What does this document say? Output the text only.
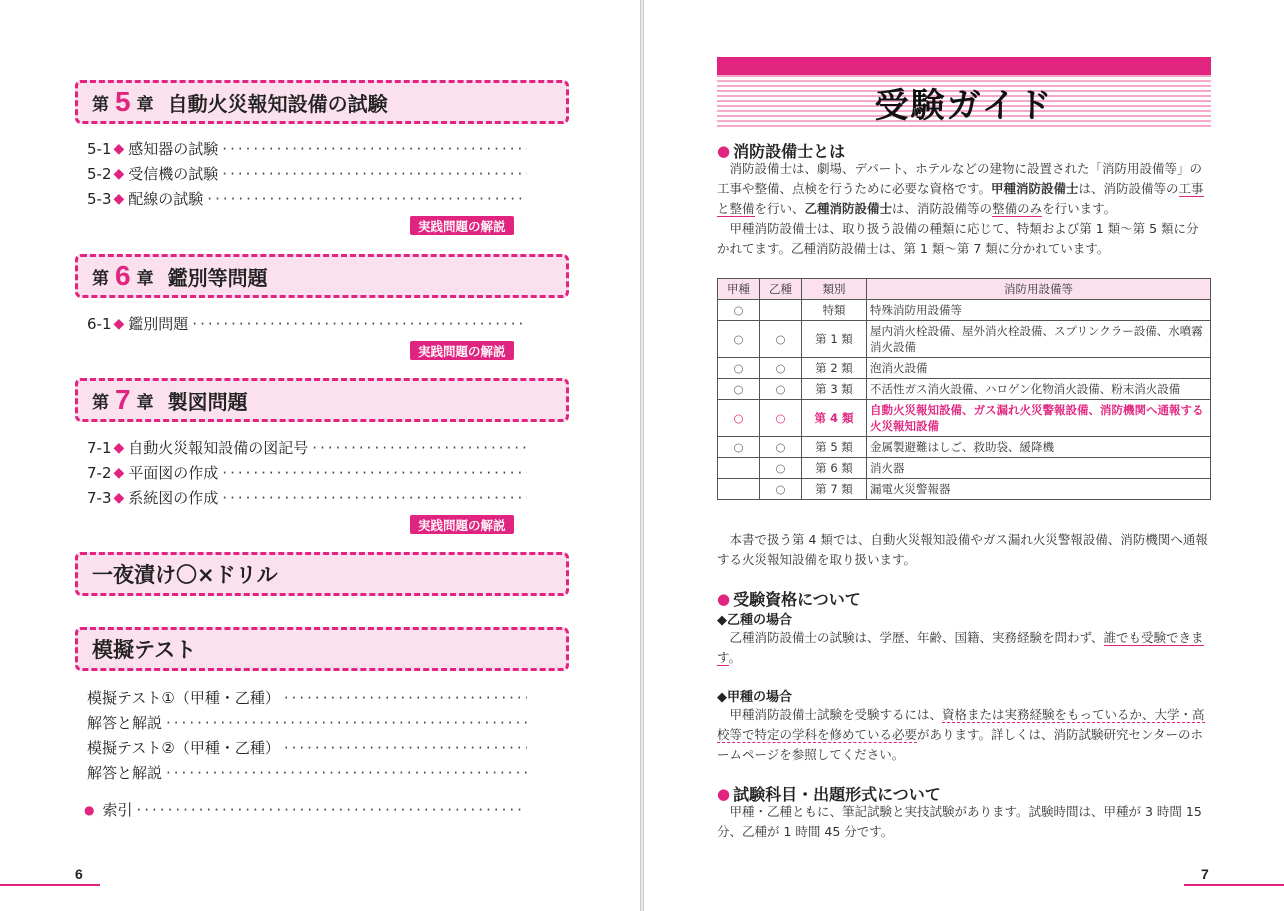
第 5 章 自動火災報知設備の試験
5-1 ◆ 感知器の試験
·····
5-2 ◆ 受信機の試験
·····
5-3 ◆ 配線の試験
·····
実践問題の解説
第 6 章 鑑別等問題
6-1 ◆ 鑑別問題
·····
実践問題の解説
第 7 章 製図問題
7-1 ◆ 自動火災報知設備の図記号
·····
7-2 ◆ 平面図の作成
·····
7-3 ◆ 系統図の作成
·····
実践問題の解説
一夜漬け〇×ドリル
模擬テスト
模擬テスト①（甲種・乙種）
·····
解答と解説
·····
模擬テスト②（甲種・乙種）
·····
解答と解説
·····
● 索引
·····
6
受験ガイド
● 消防設備士とは
消防設備士は、劇場、デパート、ホテルなどの建物に設置された「消防用設備等」の工事や整備、点検を行うために必要な資格です。甲種消防設備士は、消防設備等の工事と整備を行い、乙種消防設備士は、消防設備等の整備のみを行います。
甲種消防設備士は、取り扱う設備の種類に応じて、特類および第 1 類～第 5 類に分かれてます。乙種消防設備士は、第 1 類～第 7 類に分かれています。
甲種	乙種	類別	消防用設備等
○		特類	特殊消防用設備等
○	○	第 1 類	屋内消火栓設備、屋外消火栓設備、スプリンクラー設備、水噴霧消火設備
○	○	第 2 類	泡消火設備
○	○	第 3 類	不活性ガス消火設備、ハロゲン化物消火設備、粉末消火設備
○	○	第 4 類	自動火災報知設備、ガス漏れ火災警報設備、消防機関へ通報する火災報知設備
○	○	第 5 類	金属製避難はしご、救助袋、緩降機
	○	第 6 類	消火器
	○	第 7 類	漏電火災警報器
本書で扱う第 4 類では、自動火災報知設備やガス漏れ火災警報設備、消防機関へ通報する火災報知設備を取り扱います。
● 受験資格について
◆乙種の場合
乙種消防設備士の試験は、学歴、年齢、国籍、実務経験を問わず、誰でも受験できます。
◆甲種の場合
甲種消防設備士試験を受験するには、資格または実務経験をもっているか、大学・高校等で特定の学科を修めている必要があります。詳しくは、消防試験研究センターのホームページを参照してください。
● 試験科目・出題形式について
甲種・乙種ともに、筆記試験と実技試験があります。試験時間は、甲種が 3 時間 15 分、乙種が 1 時間 45 分です。
7
